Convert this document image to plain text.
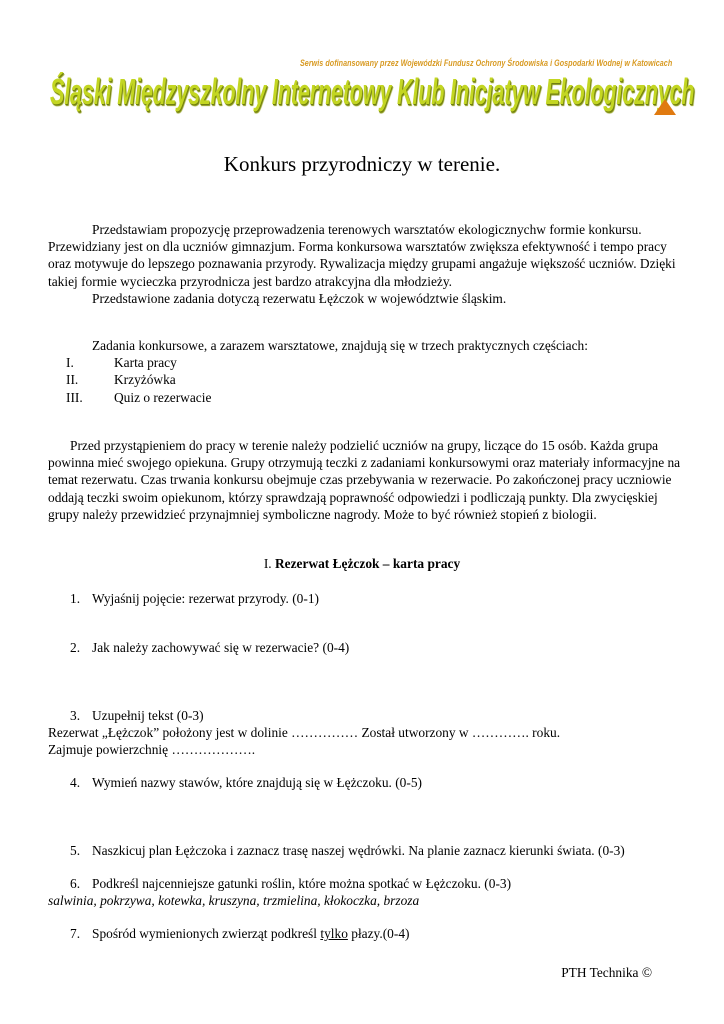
Serwis dofinansowany przez Wojewódzki Fundusz Ochrony Środowiska i Gospodarki Wodnej w Katowicach
Śląski Międzyszkolny Internetowy Klub Inicjatyw Ekologicznych
Konkurs przyrodniczy w terenie.

Przedstawiam propozycję przeprowadzenia terenowych warsztatów ekologicznychw formie konkursu. Przewidziany jest on dla uczniów gimnazjum. Forma konkursowa warsztatów zwiększa efektywność i tempo pracy oraz motywuje do lepszego poznawania przyrody. Rywalizacja między grupami angażuje większość uczniów. Dzięki takiej formie wycieczka przyrodnicza jest bardzo atrakcyjna dla młodzieży.

Przedstawione zadania dotyczą rezerwatu Łężczok w województwie śląskim.

Zadania konkursowe, a zarazem warsztatowe, znajdują się w trzech praktycznych częściach:

I.	Karta pracy
II.	Krzyżówka
III.	Quiz o rezerwacie

Przed przystąpieniem do pracy w terenie należy podzielić uczniów na grupy, liczące do 15 osób. Każda grupa powinna mieć swojego opiekuna. Grupy otrzymują teczki z zadaniami konkursowymi oraz materiały informacyjne na temat rezerwatu. Czas trwania konkursu obejmuje czas przebywania w rezerwacie. Po zakończonej pracy uczniowie oddają teczki swoim opiekunom, którzy sprawdzają poprawność odpowiedzi i podliczają punkty. Dla zwycięskiej grupy należy przewidzieć przynajmniej symboliczne nagrody. Może to być również stopień z biologii.

I. Rezerwat Łężczok – karta pracy
1. Wyjaśnij pojęcie: rezerwat przyrody. (0-1)
2. Jak należy zachowywać się w rezerwacie? (0-4)
3. Uzupełnij tekst (0-3)

Rezerwat „Łężczok” położony jest w dolinie …………… Został utworzony w …………. roku.

Zajmuje powierzchnię ……………….

4. Wymień nazwy stawów, które znajdują się w Łężczoku. (0-5)
5. Naszkicuj plan Łężczoka i zaznacz trasę naszej wędrówki. Na planie zaznacz kierunki świata. (0-3)
6. Podkreśl najcenniejsze gatunki roślin, które można spotkać w Łężczoku. (0-3)

salwinia, pokrzywa, kotewka, kruszyna, trzmielina, kłokoczka, brzoza

7. Spośród wymienionych zwierząt podkreśl tylko płazy.(0-4)
PTH Technika ©
